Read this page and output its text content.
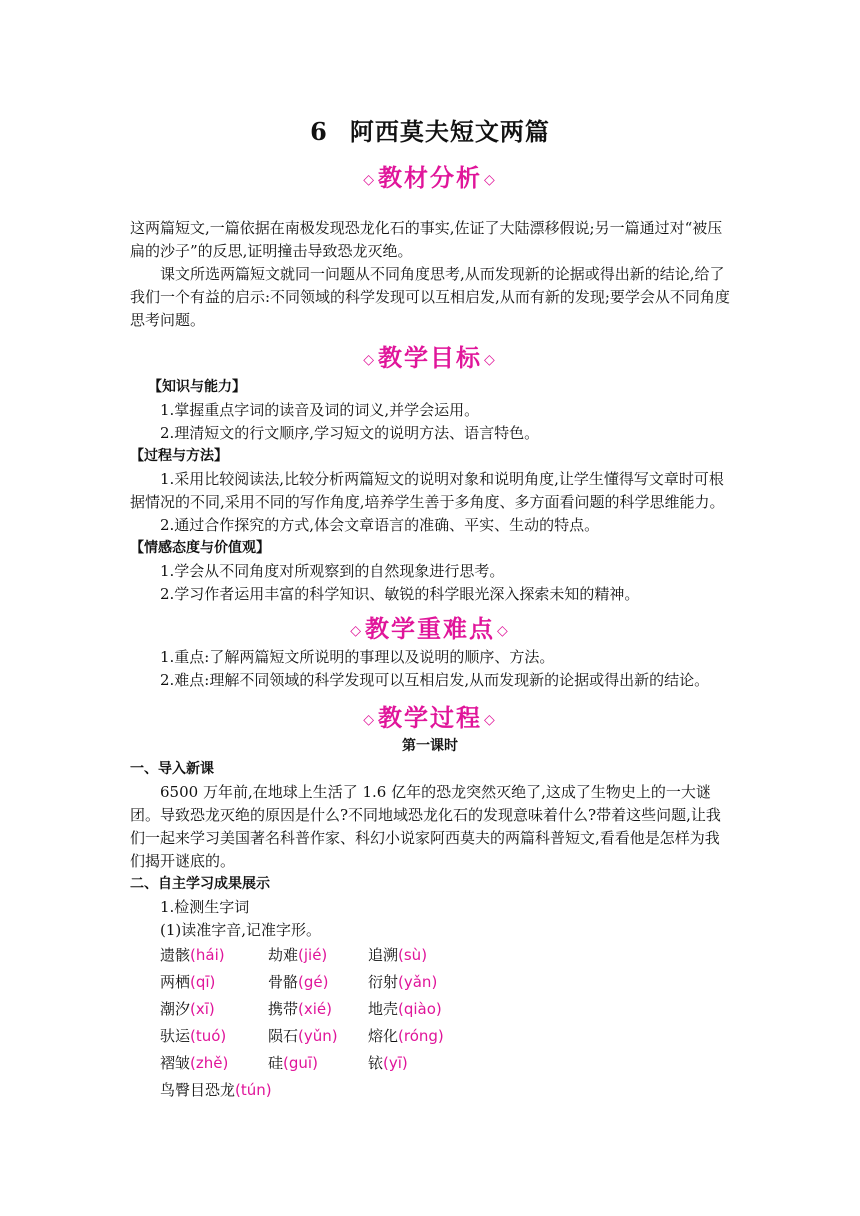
6 阿西莫夫短文两篇
◇教材分析 ◇

这两篇短文,一篇依据在南极发现恐龙化石的事实,佐证了大陆漂移假说;另一篇通过对“被压扁的沙子”的反思,证明撞击导致恐龙灭绝。

课文所选两篇短文就同一问题从不同角度思考,从而发现新的论据或得出新的结论,给了我们一个有益的启示:不同领域的科学发现可以互相启发,从而有新的发现;要学会从不同角度思考问题。

◇教学目标 ◇

【知识与能力】

1.掌握重点字词的读音及词的词义,并学会运用。

2.理清短文的行文顺序,学习短文的说明方法、语言特色。

【过程与方法】

1.采用比较阅读法,比较分析两篇短文的说明对象和说明角度,让学生懂得写文章时可根据情况的不同,采用不同的写作角度,培养学生善于多角度、多方面看问题的科学思维能力。

2.通过合作探究的方式,体会文章语言的准确、平实、生动的特点。

【情感态度与价值观】

1.学会从不同角度对所观察到的自然现象进行思考。

2.学习作者运用丰富的科学知识、敏锐的科学眼光深入探索未知的精神。

◇教学重难点 ◇

1.重点:了解两篇短文所说明的事理以及说明的顺序、方法。

2.难点:理解不同领域的科学发现可以互相启发,从而发现新的论据或得出新的结论。

◇教学过程 ◇

第一课时

一、导入新课

6500 万年前,在地球上生活了 1.6 亿年的恐龙突然灭绝了,这成了生物史上的一大谜团。导致恐龙灭绝的原因是什么?不同地域恐龙化石的发现意味着什么?带着这些问题,让我们一起来学习美国著名科普作家、科幻小说家阿西莫夫的两篇科普短文,看看他是怎样为我们揭开谜底的。

二、自主学习成果展示

1.检测生字词

(1)读准字音,记准字形。

遗骸(hái)	劫难(jié)	追溯(sù)
两栖(qī)	骨骼(gé)	衍射(yǎn)
潮汐(xī)	携带(xié) 地壳(qiào)
驮运(tuó)	陨石(yǔn) 熔化(róng)
褶皱(zhě)	硅(guī)	铱(yī)
鸟臀目恐龙(tún)
